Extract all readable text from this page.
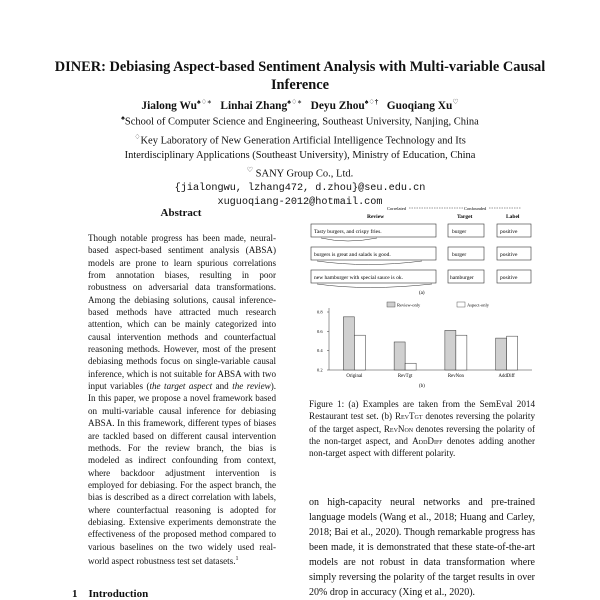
DINER: Debiasing Aspect-based Sentiment Analysis with Multi-variable Causal Inference
Jialong Wu♠♢∗ Linhai Zhang♠♢∗ Deyu Zhou♠♢† Guoqiang Xu♡
♠School of Computer Science and Engineering, Southeast University, Nanjing, China
♢Key Laboratory of New Generation Artificial Intelligence Technology and Its
Interdisciplinary Applications (Southeast University), Ministry of Education, China
♡ SANY Group Co., Ltd.
{jialongwu, lzhang472, d.zhou}@seu.edu.cn
xuguoqiang-2012@hotmail.com
Abstract
Though notable progress has been made, neural-based aspect-based sentiment analysis (ABSA) models are prone to learn spurious correlations from annotation biases, resulting in poor robustness on adversarial data transformations. Among the debiasing solutions, causal inference-based methods have attracted much research attention, which can be mainly categorized into causal intervention methods and counterfactual reasoning methods. However, most of the present debiasing methods focus on single-variable causal inference, which is not suitable for ABSA with two input variables (the target aspect and the review). In this paper, we propose a novel framework based on multi-variable causal inference for debiasing ABSA. In this framework, different types of biases are tackled based on different causal intervention methods. For the review branch, the bias is modeled as indirect confounding from context, where backdoor adjustment intervention is employed for debiasing. For the aspect branch, the bias is described as a direct correlation with labels, where counterfactual reasoning is adopted for debiasing. Extensive experiments demonstrate the effectiveness of the proposed method compared to various baselines on the two widely used real-world aspect robustness test set datasets.$^1$
1 Introduction
Correlated	Confounded
Review	Target	Label
Tasty burgers, and crispy fries.	burger	positive
burgers is great and salads is good.	burger	positive
new hamburger with special sauce is ok.	hamburger	positive
(a)
Review-only	Aspect-only
0.2
0.4
0.6
0.8
Original	RevTgt	RevNon	AddDiff
(b)
Figure 1: (a) Examples are taken from the SemEval 2014 Restaurant test set. (b) RevTgt denotes reversing the polarity of the target aspect, RevNon denotes reversing the polarity of the non-target aspect, and AddDiff denotes adding another non-target aspect with different polarity.
on high-capacity neural networks and pre-trained language models (Wang et al., 2018; Huang and Carley, 2018; Bai et al., 2020). Though remarkable progress has been made, it is demonstrated that these state-of-the-art models are not robust in data transformation where simply reversing the polarity of the target results in over 20% drop in accuracy (Xing et al., 2020).
